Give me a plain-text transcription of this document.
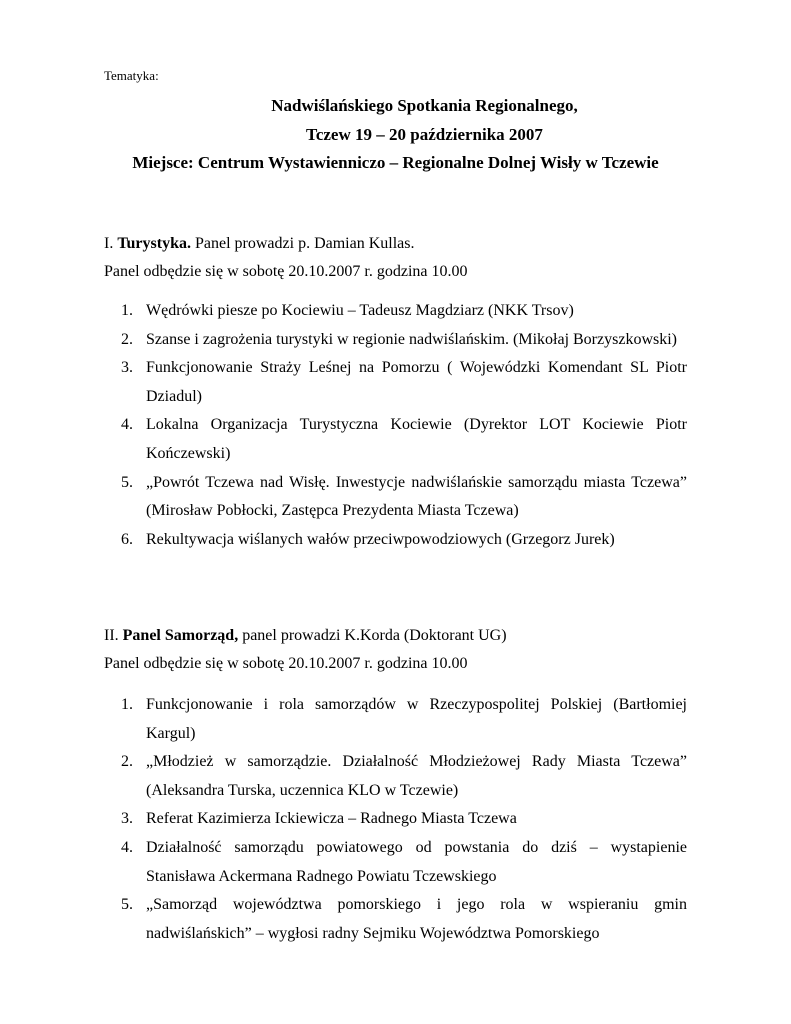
Tematyka:
Nadwiślańskiego Spotkania Regionalnego,
Tczew 19 – 20 października 2007
Miejsce: Centrum Wystawienniczo – Regionalne Dolnej Wisły w Tczewie
I. Turystyka. Panel prowadzi p. Damian Kullas.
Panel odbędzie się w sobotę 20.10.2007 r. godzina 10.00
1. Wędrówki piesze po Kociewiu – Tadeusz Magdziarz (NKK Trsov)
2. Szanse i zagrożenia turystyki w regionie nadwiślańskim. (Mikołaj Borzyszkowski)
3. Funkcjonowanie Straży Leśnej na Pomorzu ( Wojewódzki Komendant SL Piotr Dziadul)
4. Lokalna Organizacja Turystyczna Kociewie (Dyrektor LOT Kociewie Piotr Kończewski)
5. „Powrót Tczewa nad Wisłę. Inwestycje nadwiślańskie samorządu miasta Tczewa” (Mirosław Pobłocki, Zastępca Prezydenta Miasta Tczewa)
6. Rekultywacja wiślanych wałów przeciwpowodziowych (Grzegorz Jurek)
II. Panel Samorząd, panel prowadzi K.Korda (Doktorant UG)
Panel odbędzie się w sobotę 20.10.2007 r. godzina 10.00
1. Funkcjonowanie i rola samorządów w Rzeczypospolitej Polskiej (Bartłomiej Kargul)
2. „Młodzież w samorządzie. Działalność Młodzieżowej Rady Miasta Tczewa” (Aleksandra Turska, uczennica KLO w Tczewie)
3. Referat Kazimierza Ickiewicza – Radnego Miasta Tczewa
4. Działalność samorządu powiatowego od powstania do dziś – wystapienie Stanisława Ackermana Radnego Powiatu Tczewskiego
5. „Samorząd województwa pomorskiego i jego rola w wspieraniu gmin nadwiślańskich” – wygłosi radny Sejmiku Województwa Pomorskiego
